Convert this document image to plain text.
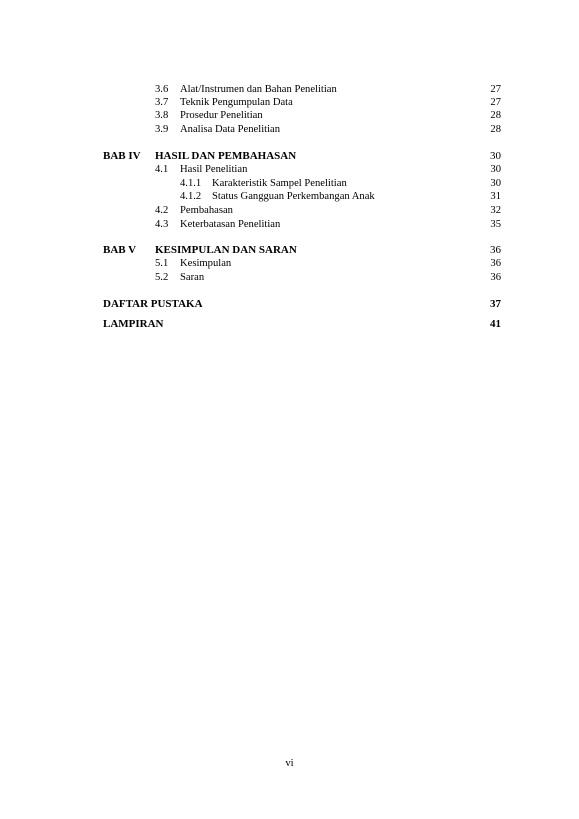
3.6 Alat/Instrumen dan Bahan Penelitian	27
3.7 Teknik Pengumpulan Data	27
3.8 Prosedur Penelitian	28
3.9 Analisa Data Penelitian	28
BAB IV HASIL DAN PEMBAHASAN	30
4.1 Hasil Penelitian	30
4.1.1 Karakteristik Sampel Penelitian	30
4.1.2 Status Gangguan Perkembangan Anak	31
4.2 Pembahasan	32
4.3 Keterbatasan Penelitian	35
BAB V KESIMPULAN DAN SARAN	36
5.1 Kesimpulan	36
5.2 Saran	36
DAFTAR PUSTAKA	37
LAMPIRAN	41
vi
